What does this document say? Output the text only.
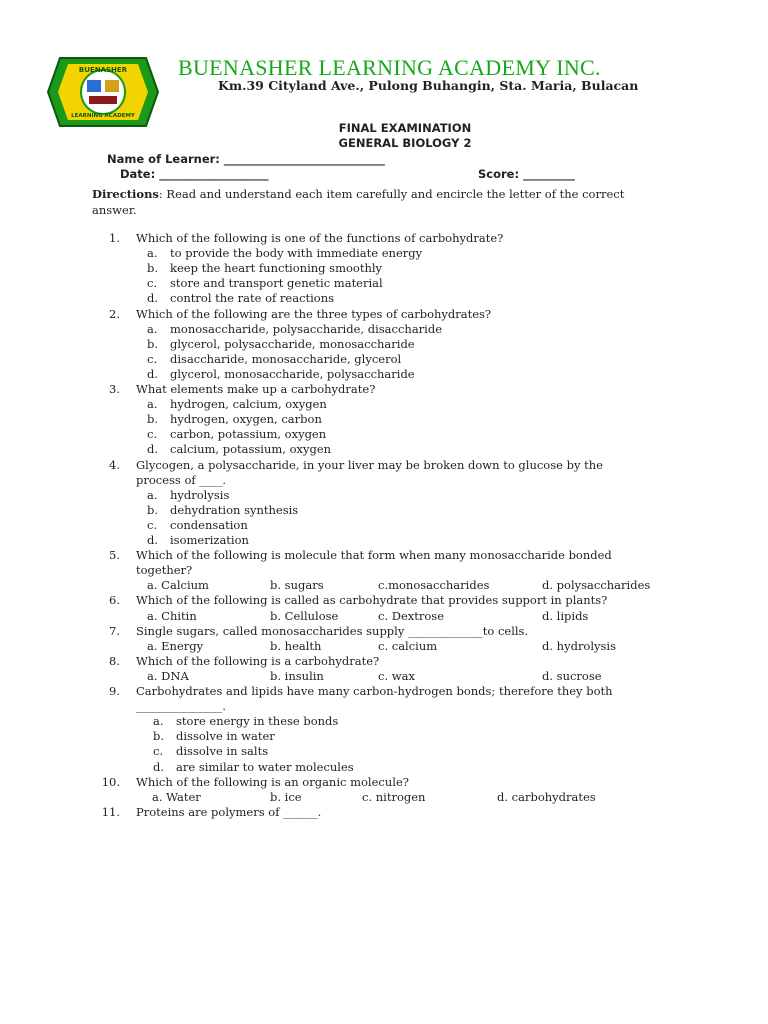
BUENASHER
LEARNING ACADEMY
BUENASHER LEARNING ACADEMY INC.
Km.39 Cityland Ave., Pulong Buhangin, Sta. Maria, Bulacan
FINAL EXAMINATION
GENERAL BIOLOGY 2
Name of Learner: ____________________________
Date: ___________________	Score: _________
Directions: Read and understand each item carefully and encircle the letter of the correct answer.
1. Which of the following is one of the functions of carbohydrate?
a. to provide the body with immediate energy
b. keep the heart functioning smoothly
c. store and transport genetic material
d. control the rate of reactions
2. Which of the following are the three types of carbohydrates?
a. monosaccharide, polysaccharide, disaccharide
b. glycerol, polysaccharide, monosaccharide
c. disaccharide, monosaccharide, glycerol
d. glycerol, monosaccharide, polysaccharide
3. What elements make up a carbohydrate?
a. hydrogen, calcium, oxygen
b. hydrogen, oxygen, carbon
c. carbon, potassium, oxygen
d. calcium, potassium, oxygen
4. Glycogen, a polysaccharide, in your liver may be broken down to glucose by the
process of ____.
a. hydrolysis
b. dehydration synthesis
c. condensation
d. isomerization
5. Which of the following is molecule that form when many monosaccharide bonded
together?
a. Calcium	b. sugars	c.monosaccharides	d. polysaccharides
6. Which of the following is called as carbohydrate that provides support in plants?
a. Chitin	b. Cellulose	c. Dextrose	d. lipids
7. Single sugars, called monosaccharides supply _____________to cells.
a. Energy	b. health	c. calcium	d. hydrolysis
8. Which of the following is a carbohydrate?
a. DNA	b. insulin	c. wax	d. sucrose
9. Carbohydrates and lipids have many carbon-hydrogen bonds; therefore they both
_______________.
a. store energy in these bonds
b. dissolve in water
c. dissolve in salts
d. are similar to water molecules
10. Which of the following is an organic molecule?
a. Water	b. ice	c. nitrogen	d. carbohydrates
11. Proteins are polymers of ______.
